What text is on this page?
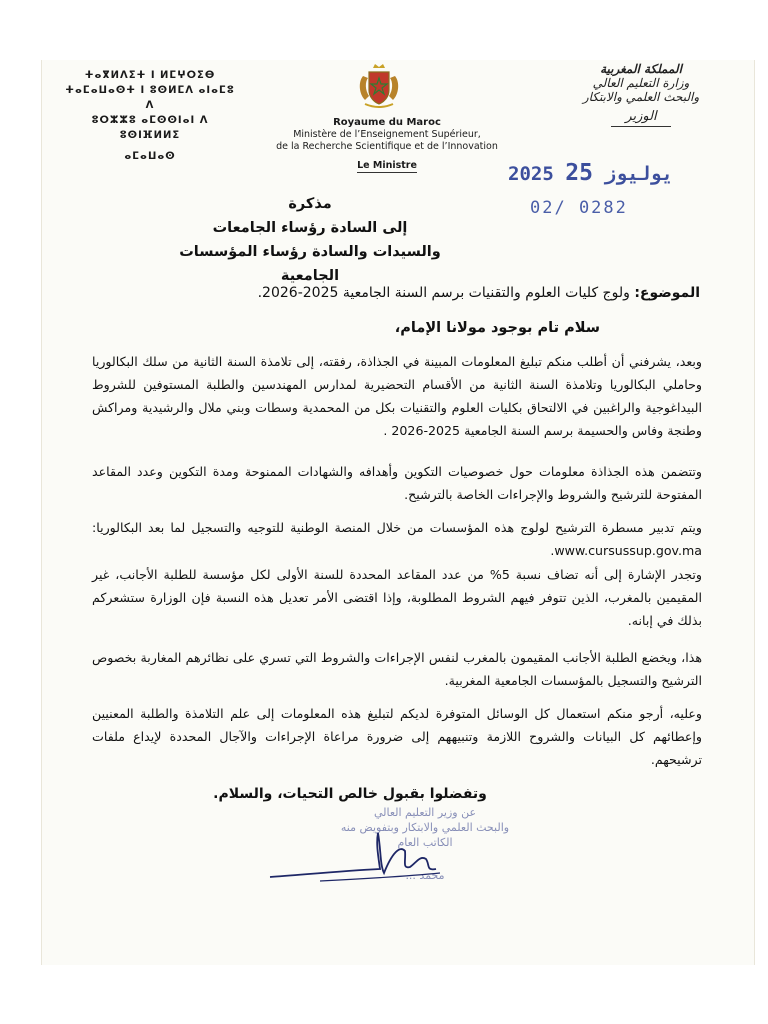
ⵜⴰⴳⵍⴷⵉⵜ ⵏ ⵍⵎⵖⵔⵉⴱ
ⵜⴰⵎⴰⵡⴰⵙⵜ ⵏ ⵓⵙⵍⵎⴷ ⴰⵏⴰⵎⵓ ⴷ
ⵓⵔⵣⵣⵓ ⴰⵎⵙⵙⵏⴰⵏ ⴷ ⵓⵙⵏⴼⵍⵍⵉ
ⴰⵎⴰⵡⴰⵙ
Royaume du Maroc
Ministère de l’Enseignement Supérieur,
de la Recherche Scientifique et de l’Innovation
Le Ministre
المملكة المغربية
وزارة التعليم العالي
والبحث العلمي والابتكار
الوزير
2025	يوليوز 25
02/ 0282
مذكرة
إلى السادة رؤساء الجامعات
والسيدات والسادة رؤساء المؤسسات الجامعية
الموضوع: ولوج كليات العلوم والتقنيات برسم السنة الجامعية 2025-2026.
سلام تام بوجود مولانا الإمام،
وبعد، يشرفني أن أطلب منكم تبليغ المعلومات المبينة في الجذاذة، رفقته، إلى تلامذة السنة الثانية من سلك البكالوريا وحاملي البكالوريا وتلامذة السنة الثانية من الأقسام التحضيرية لمدارس المهندسين والطلبة المستوفين للشروط البيداغوجية والراغبين في الالتحاق بكليات العلوم والتقنيات بكل من المحمدية وسطات وبني ملال والرشيدية ومراكش وطنجة وفاس والحسيمة برسم السنة الجامعية 2025-2026 .
وتتضمن هذه الجذاذة معلومات حول خصوصيات التكوين وأهدافه والشهادات الممنوحة ومدة التكوين وعدد المقاعد المفتوحة للترشيح والشروط والإجراءات الخاصة بالترشيح.
ويتم تدبير مسطرة الترشيح لولوج هذه المؤسسات من خلال المنصة الوطنية للتوجيه والتسجيل لما بعد البكالوريا: www.cursussup.gov.ma.
وتجدر الإشارة إلى أنه تضاف نسبة 5% من عدد المقاعد المحددة للسنة الأولى لكل مؤسسة للطلبة الأجانب، غير المقيمين بالمغرب، الذين تتوفر فيهم الشروط المطلوبة، وإذا اقتضى الأمر تعديل هذه النسبة فإن الوزارة ستشعركم بذلك في إبانه.
هذا، ويخضع الطلبة الأجانب المقيمون بالمغرب لنفس الإجراءات والشروط التي تسري على نظائرهم المغاربة بخصوص الترشيح والتسجيل بالمؤسسات الجامعية المغربية.
وعليه، أرجو منكم استعمال كل الوسائل المتوفرة لديكم لتبليغ هذه المعلومات إلى علم التلامذة والطلبة المعنيين وإعطائهم كل البيانات والشروح اللازمة وتنبيههم إلى ضرورة مراعاة الإجراءات والآجال المحددة لإيداع ملفات ترشيحهم.
وتفضلوا بقبول خالص التحيات، والسلام.
عن وزير التعليم العالي
والبحث العلمي والابتكار وبتفويض منه
الكاتب العام
محمد ...
